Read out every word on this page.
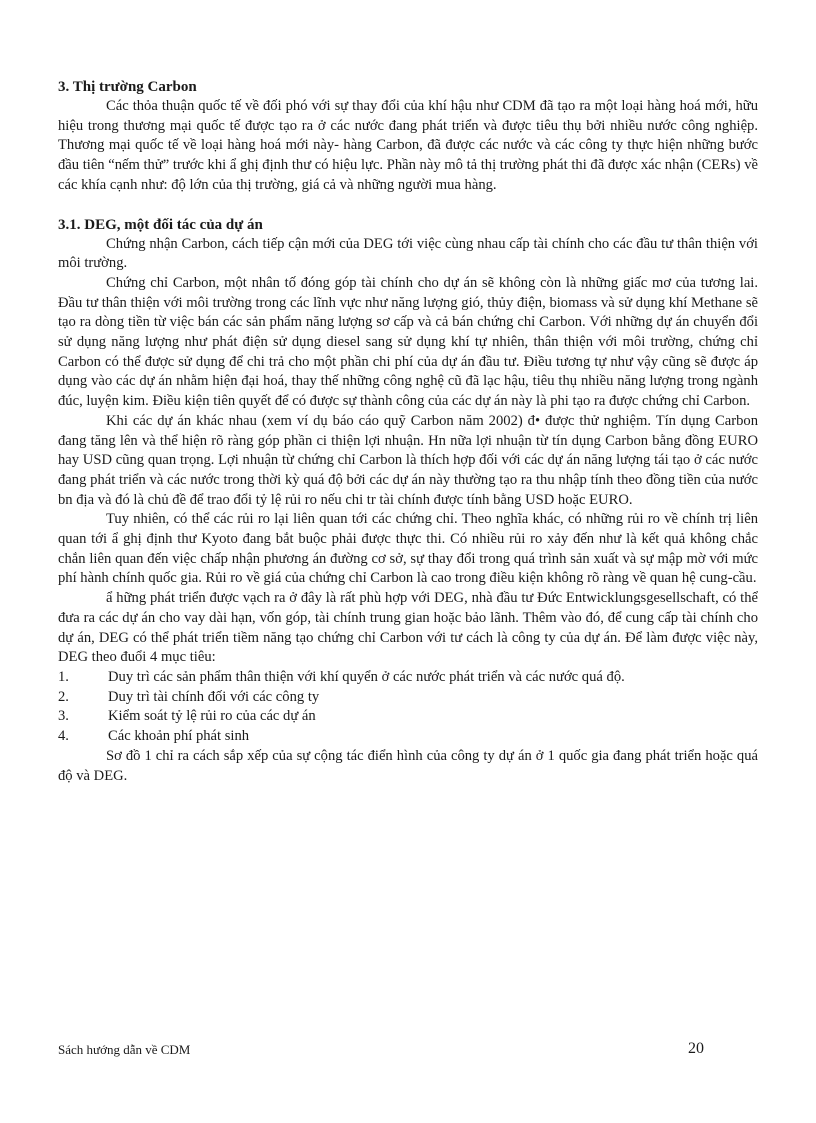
3. Thị trường Carbon

Các thỏa thuận quốc tế về đối phó với sự thay đổi của khí hậu như CDM đã tạo ra một loại hàng hoá mới, hữu hiệu trong thương mại quốc tế được tạo ra ở các nước đang phát triển và được tiêu thụ bởi nhiều nước công nghiệp. Thương mại quốc tế về loại hàng hoá mới này- hàng Carbon, đã được các nước và các công ty thực hiện những bước đầu tiên “nếm thử” trước khi ẩ ghị định thư có hiệu lực. Phần này mô tả thị trường phát thi đã được xác nhận (CERs) về các khía cạnh như: độ lớn của thị trường, giá cả và những người mua hàng.

3.1. DEG, một đối tác của dự án

Chứng nhận Carbon, cách tiếp cận mới của DEG tới việc cùng nhau cấp tài chính cho các đầu tư thân thiện với môi trường.

Chứng chỉ Carbon, một nhân tố đóng góp tài chính cho dự án sẽ không còn là những giấc mơ của tương lai. Đầu tư thân thiện với môi trường trong các lĩnh vực như năng lượng gió, thủy điện, biomass và sử dụng khí Methane sẽ tạo ra dòng tiền từ việc bán các sản phẩm năng lượng sơ cấp và cả bán chứng chỉ Carbon. Với những dự án chuyển đổi sử dụng năng lượng như phát điện sử dụng diesel sang sử dụng khí tự nhiên, thân thiện với môi trường, chứng chỉ Carbon có thể được sử dụng để chi trả cho một phần chi phí của dự án đầu tư. Điều tương tự như vậy cũng sẽ được áp dụng vào các dự án nhằm hiện đại hoá, thay thế những công nghệ cũ đã lạc hậu, tiêu thụ nhiều năng lượng trong ngành đúc, luyện kim. Điều kiện tiên quyết để có được sự thành công của các dự án này là phi tạo ra được chứng chỉ Carbon.

Khi các dự án khác nhau (xem ví dụ báo cáo quỹ Carbon năm 2002) đ• được thử nghiệm. Tín dụng Carbon đang tăng lên và thể hiện rõ ràng góp phần ci thiện lợi nhuận. Hn nữa lợi nhuận từ tín dụng Carbon bằng đồng EURO hay USD cũng quan trọng. Lợi nhuận từ chứng chỉ Carbon là thích hợp đối với các dự án năng lượng tái tạo ở các nước đang phát triển và các nước trong thời kỳ quá độ bởi các dự án này thường tạo ra thu nhập tính theo đồng tiền của nước bn địa và đó là chủ đề để trao đổi tỷ lệ rủi ro nếu chi tr tài chính được tính bằng USD hoặc EURO.

Tuy nhiên, có thể các rủi ro lại liên quan tới các chứng chỉ. Theo nghĩa khác, có những rủi ro về chính trị liên quan tới ẩ ghị định thư Kyoto đang bắt buộc phải được thực thi. Có nhiều rủi ro xảy đến như là kết quả không chắc chắn liên quan đến việc chấp nhận phương án đường cơ sở, sự thay đổi trong quá trình sản xuất và sự mập mờ với mức phí hành chính quốc gia. Rủi ro về giá của chứng chỉ Carbon là cao trong điều kiện không rõ ràng về quan hệ cung-cầu.

ẩ hững phát triển được vạch ra ở đây là rất phù hợp với DEG, nhà đầu tư Đức Entwicklungsgesellschaft, có thể đưa ra các dự án cho vay dài hạn, vốn góp, tài chính trung gian hoặc bảo lãnh. Thêm vào đó, để cung cấp tài chính cho dự án, DEG có thể phát triển tiềm năng tạo chứng chỉ Carbon với tư cách là công ty của dự án. Để làm được việc này, DEG theo đuổi 4 mục tiêu:

1.	Duy trì các sản phẩm thân thiện với khí quyển ở các nước phát triển và các nước quá độ.
2.	Duy trì tài chính đối với các công ty
3.	Kiểm soát tỷ lệ rủi ro của các dự án
4.	Các khoản phí phát sinh

Sơ đồ 1 chỉ ra cách sắp xếp của sự cộng tác điển hình của công ty dự án ở 1 quốc gia đang phát triển hoặc quá độ và DEG.

Sách hướng dẫn về CDM	20
